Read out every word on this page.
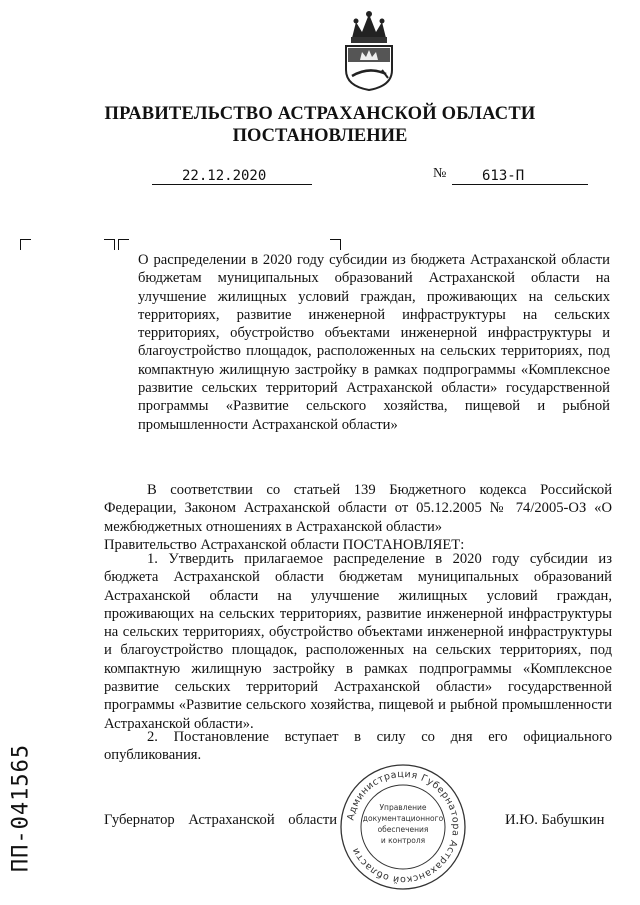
ПРАВИТЕЛЬСТВО АСТРАХАНСКОЙ ОБЛАСТИ
ПОСТАНОВЛЕНИЕ
22.12.2020	№	613-П
О распределении в 2020 году субсидии из бюджета Астраханской области бюджетам муниципальных образований Астраханской области на улучшение жилищных условий граждан, проживающих на сельских территориях, развитие инженерной инфраструктуры на сельских территориях, обустройство объектами инженерной инфраструктуры и благоустройство площадок, расположенных на сельских территориях, под компактную жилищную застройку в рамках подпрограммы «Комплексное развитие сельских территорий Астраханской области» государственной программы «Развитие сельского хозяйства, пищевой и рыбной промышленности Астраханской области»
В соответствии со статьей 139 Бюджетного кодекса Российской Федерации, Законом Астраханской области от 05.12.2005 № 74/2005-ОЗ «О межбюджетных отношениях в Астраханской области»
Правительство Астраханской области ПОСТАНОВЛЯЕТ:
1. Утвердить прилагаемое распределение в 2020 году субсидии из бюджета Астраханской области бюджетам муниципальных образований Астраханской области на улучшение жилищных условий граждан, проживающих на сельских территориях, развитие инженерной инфраструктуры на сельских территориях, обустройство объектами инженерной инфраструктуры и благоустройство площадок, расположенных на сельских территориях, под компактную жилищную застройку в рамках подпрограммы «Комплексное развитие сельских территорий Астраханской области» государственной программы «Развитие сельского хозяйства, пищевой и рыбной промышленности Астраханской области».
2. Постановление вступает в силу со дня его официального опубликования.
Губернатор Астраханской области	И.Ю. Бабушкин
Администрация Губернатора Астраханской области
Управление
документационного
обеспечения
и контроля
ПП-041565
